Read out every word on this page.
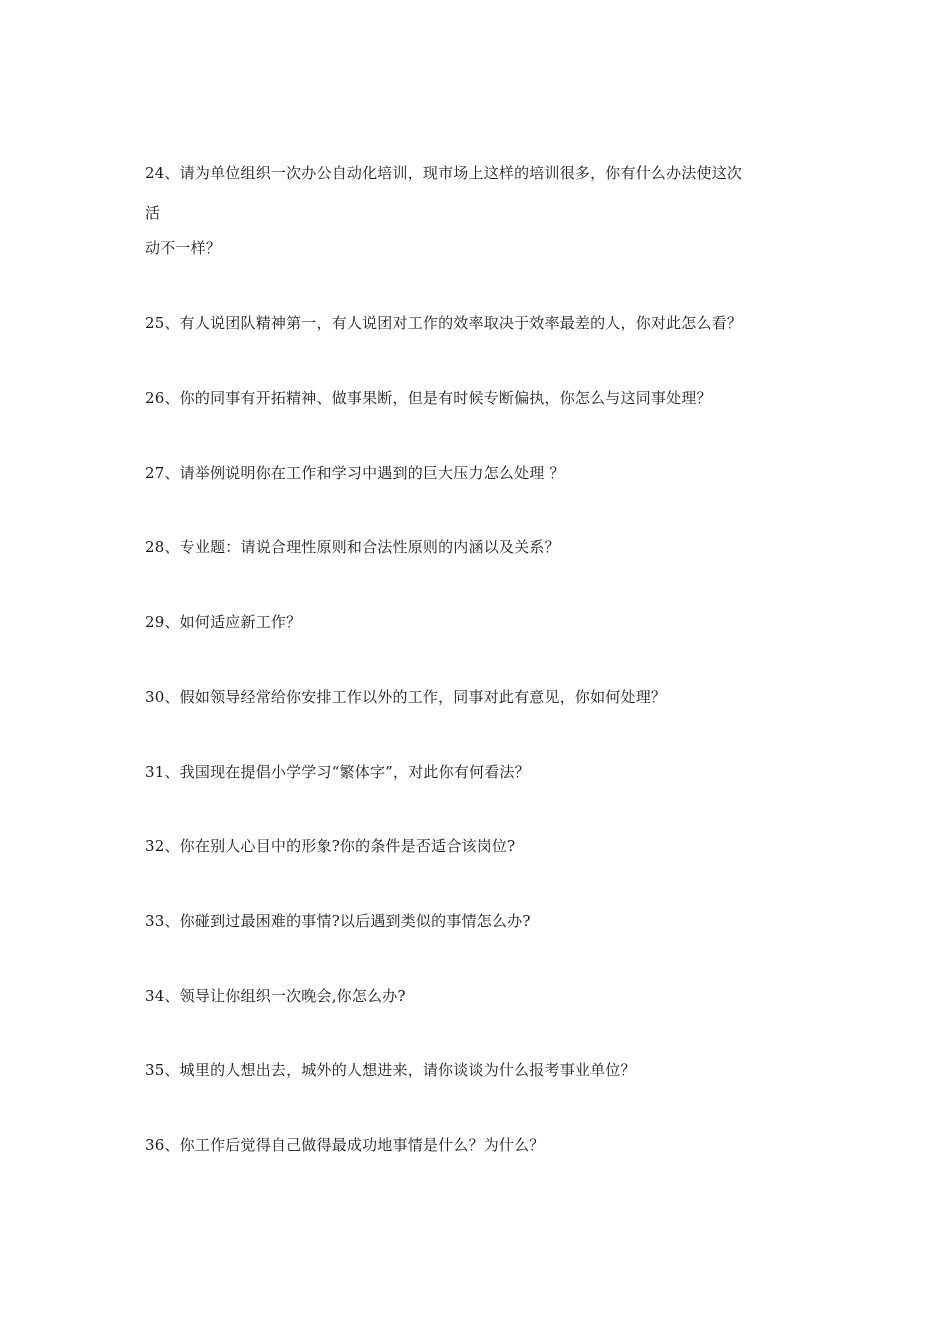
24、请为单位组织一次办公自动化培训，现市场上这样的培训很多，你有什么办法使这次

活

动不一样？

25、有人说团队精神第一，有人说团对工作的效率取决于效率最差的人，你对此怎么看？

26、你的同事有开拓精神、做事果断，但是有时候专断偏执，你怎么与这同事处理？

27、请举例说明你在工作和学习中遇到的巨大压力怎么处理 ？

28、专业题：请说合理性原则和合法性原则的内涵以及关系？

29、如何适应新工作？

30、假如领导经常给你安排工作以外的工作，同事对此有意见，你如何处理？

31、我国现在提倡小学学习“繁体字”，对此你有何看法？

32、你在别人心目中的形象?你的条件是否适合该岗位?

33、你碰到过最困难的事情?以后遇到类似的事情怎么办?

34、领导让你组织一次晚会,你怎么办?

35、城里的人想出去，城外的人想进来，请你谈谈为什么报考事业单位？

36、你工作后觉得自己做得最成功地事情是什么？为什么？
